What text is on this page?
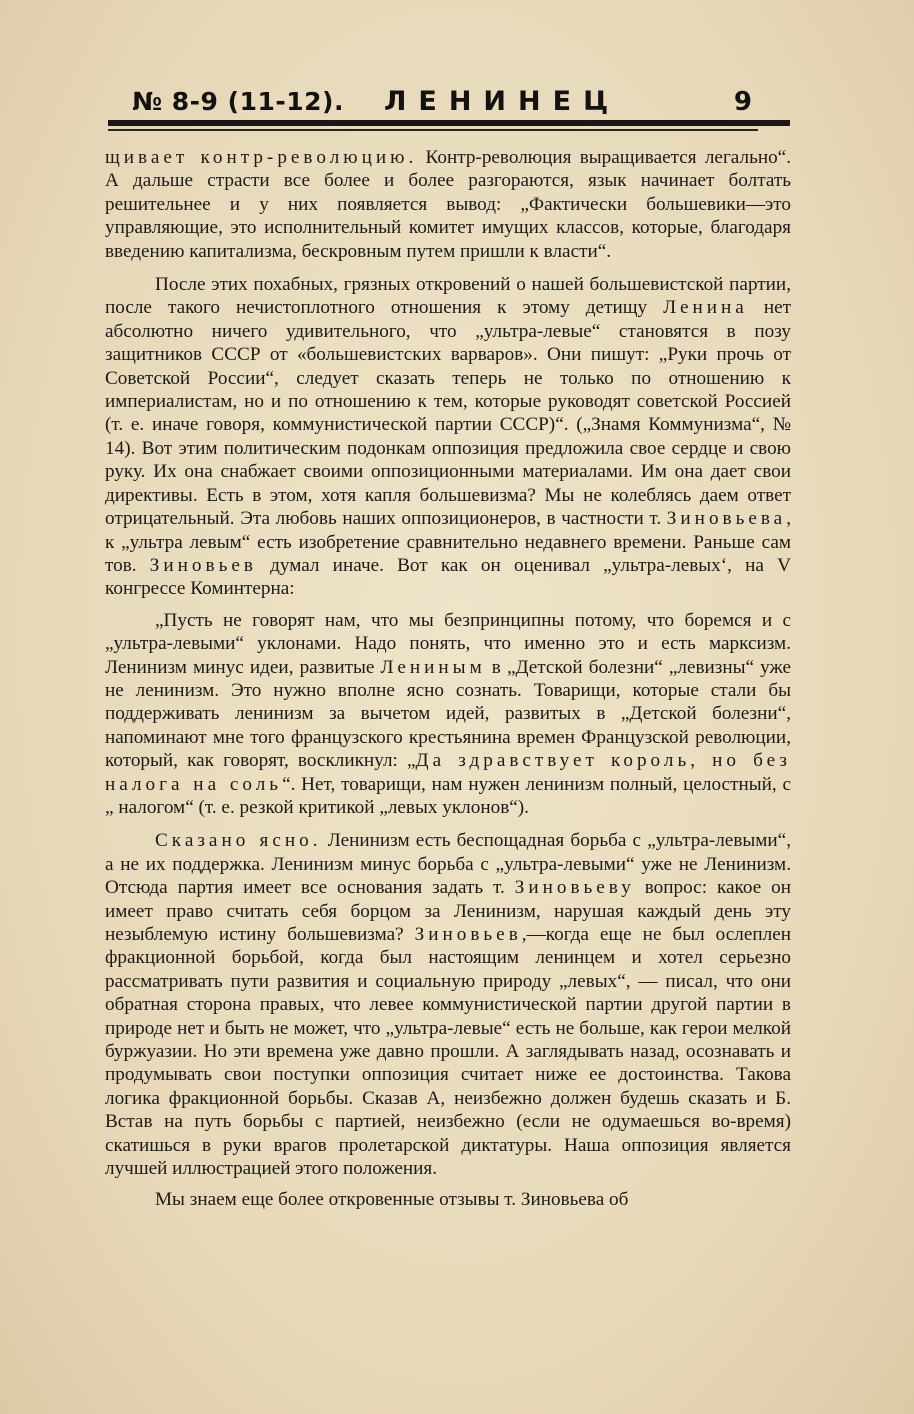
№ 8-9 (11-12). ЛЕНИНЕЦ	9

щивает контр-революцию. Контр-революция выращивается легально“. А дальше страсти все более и более разгораются, язык начинает болтать решительнее и у них появляется вывод: „Фактически большевики—это управляющие, это исполнительный комитет имущих классов, которые, благодаря введению капитализма, бескровным путем пришли к власти“.

После этих похабных, грязных откровений о нашей большевистской партии, после такого нечистоплотного отношения к этому детищу Ленина нет абсолютно ничего удивительного, что „ультра-левые“ становятся в позу защитников СССР от «большевистских варваров». Они пишут: „Руки прочь от Советской России“, следует сказать теперь не только по отношению к империалистам, но и по отношению к тем, которые руководят советской Россией (т. е. иначе говоря, коммунистической партии СССР)“. („Знамя Коммунизма“, № 14). Вот этим политическим подонкам оппозиция предложила свое сердце и свою руку. Их она снабжает своими оппозиционными материалами. Им она дает свои директивы. Есть в этом, хотя капля большевизма? Мы не колеблясь даем ответ отрицательный. Эта любовь наших оппозиционеров, в частности т. Зиновьева, к „ультра левым“ есть изобретение сравнительно недавнего времени. Раньше сам тов. Зиновьев думал иначе. Вот как он оценивал „ультра-левых‘, на V конгрессе Коминтерна:

„Пусть не говорят нам, что мы безпринципны потому, что боремся и с „ультра-левыми“ уклонами. Надо понять, что именно это и есть марксизм. Ленинизм минус идеи, развитые Лениным в „Детской болезни“ „левизны“ уже не ленинизм. Это нужно вполне ясно сознать. Товарищи, которые стали бы поддерживать ленинизм за вычетом идей, развитых в „Детской болезни“, напоминают мне того французского крестьянина времен Французской революции, который, как говорят, воскликнул: „Да здравствует король, но без налога на соль“. Нет, товарищи, нам нужен ленинизм полный, целостный, с „ налогом“ (т. е. резкой критикой „левых уклонов“).

Сказано ясно. Ленинизм есть беспощадная борьба с „ультра-левыми“, а не их поддержка. Ленинизм минус борьба с „ультра-левыми“ уже не Ленинизм. Отсюда партия имеет все основания задать т. Зиновьеву вопрос: какое он имеет право считать себя борцом за Ленинизм, нарушая каждый день эту незыблемую истину большевизма? Зиновьев,—когда еще не был ослеплен фракционной борьбой, когда был настоящим ленинцем и хотел серьезно рассматривать пути развития и социальную природу „левых“, — писал, что они обратная сторона правых, что левее коммунистической партии другой партии в природе нет и быть не может, что „ультра-левые“ есть не больше, как герои мелкой буржуазии. Но эти времена уже давно прошли. А заглядывать назад, осознавать и продумывать свои поступки оппозиция считает ниже ее достоинства. Такова логика фракционной борьбы. Сказав А, неизбежно должен будешь сказать и Б. Встав на путь борьбы с партией, неизбежно (если не одумаешься во-время) скатишься в руки врагов пролетарской диктатуры. Наша оппозиция является лучшей иллюстрацией этого положения.

Мы знаем еще более откровенные отзывы т. Зиновьева об
